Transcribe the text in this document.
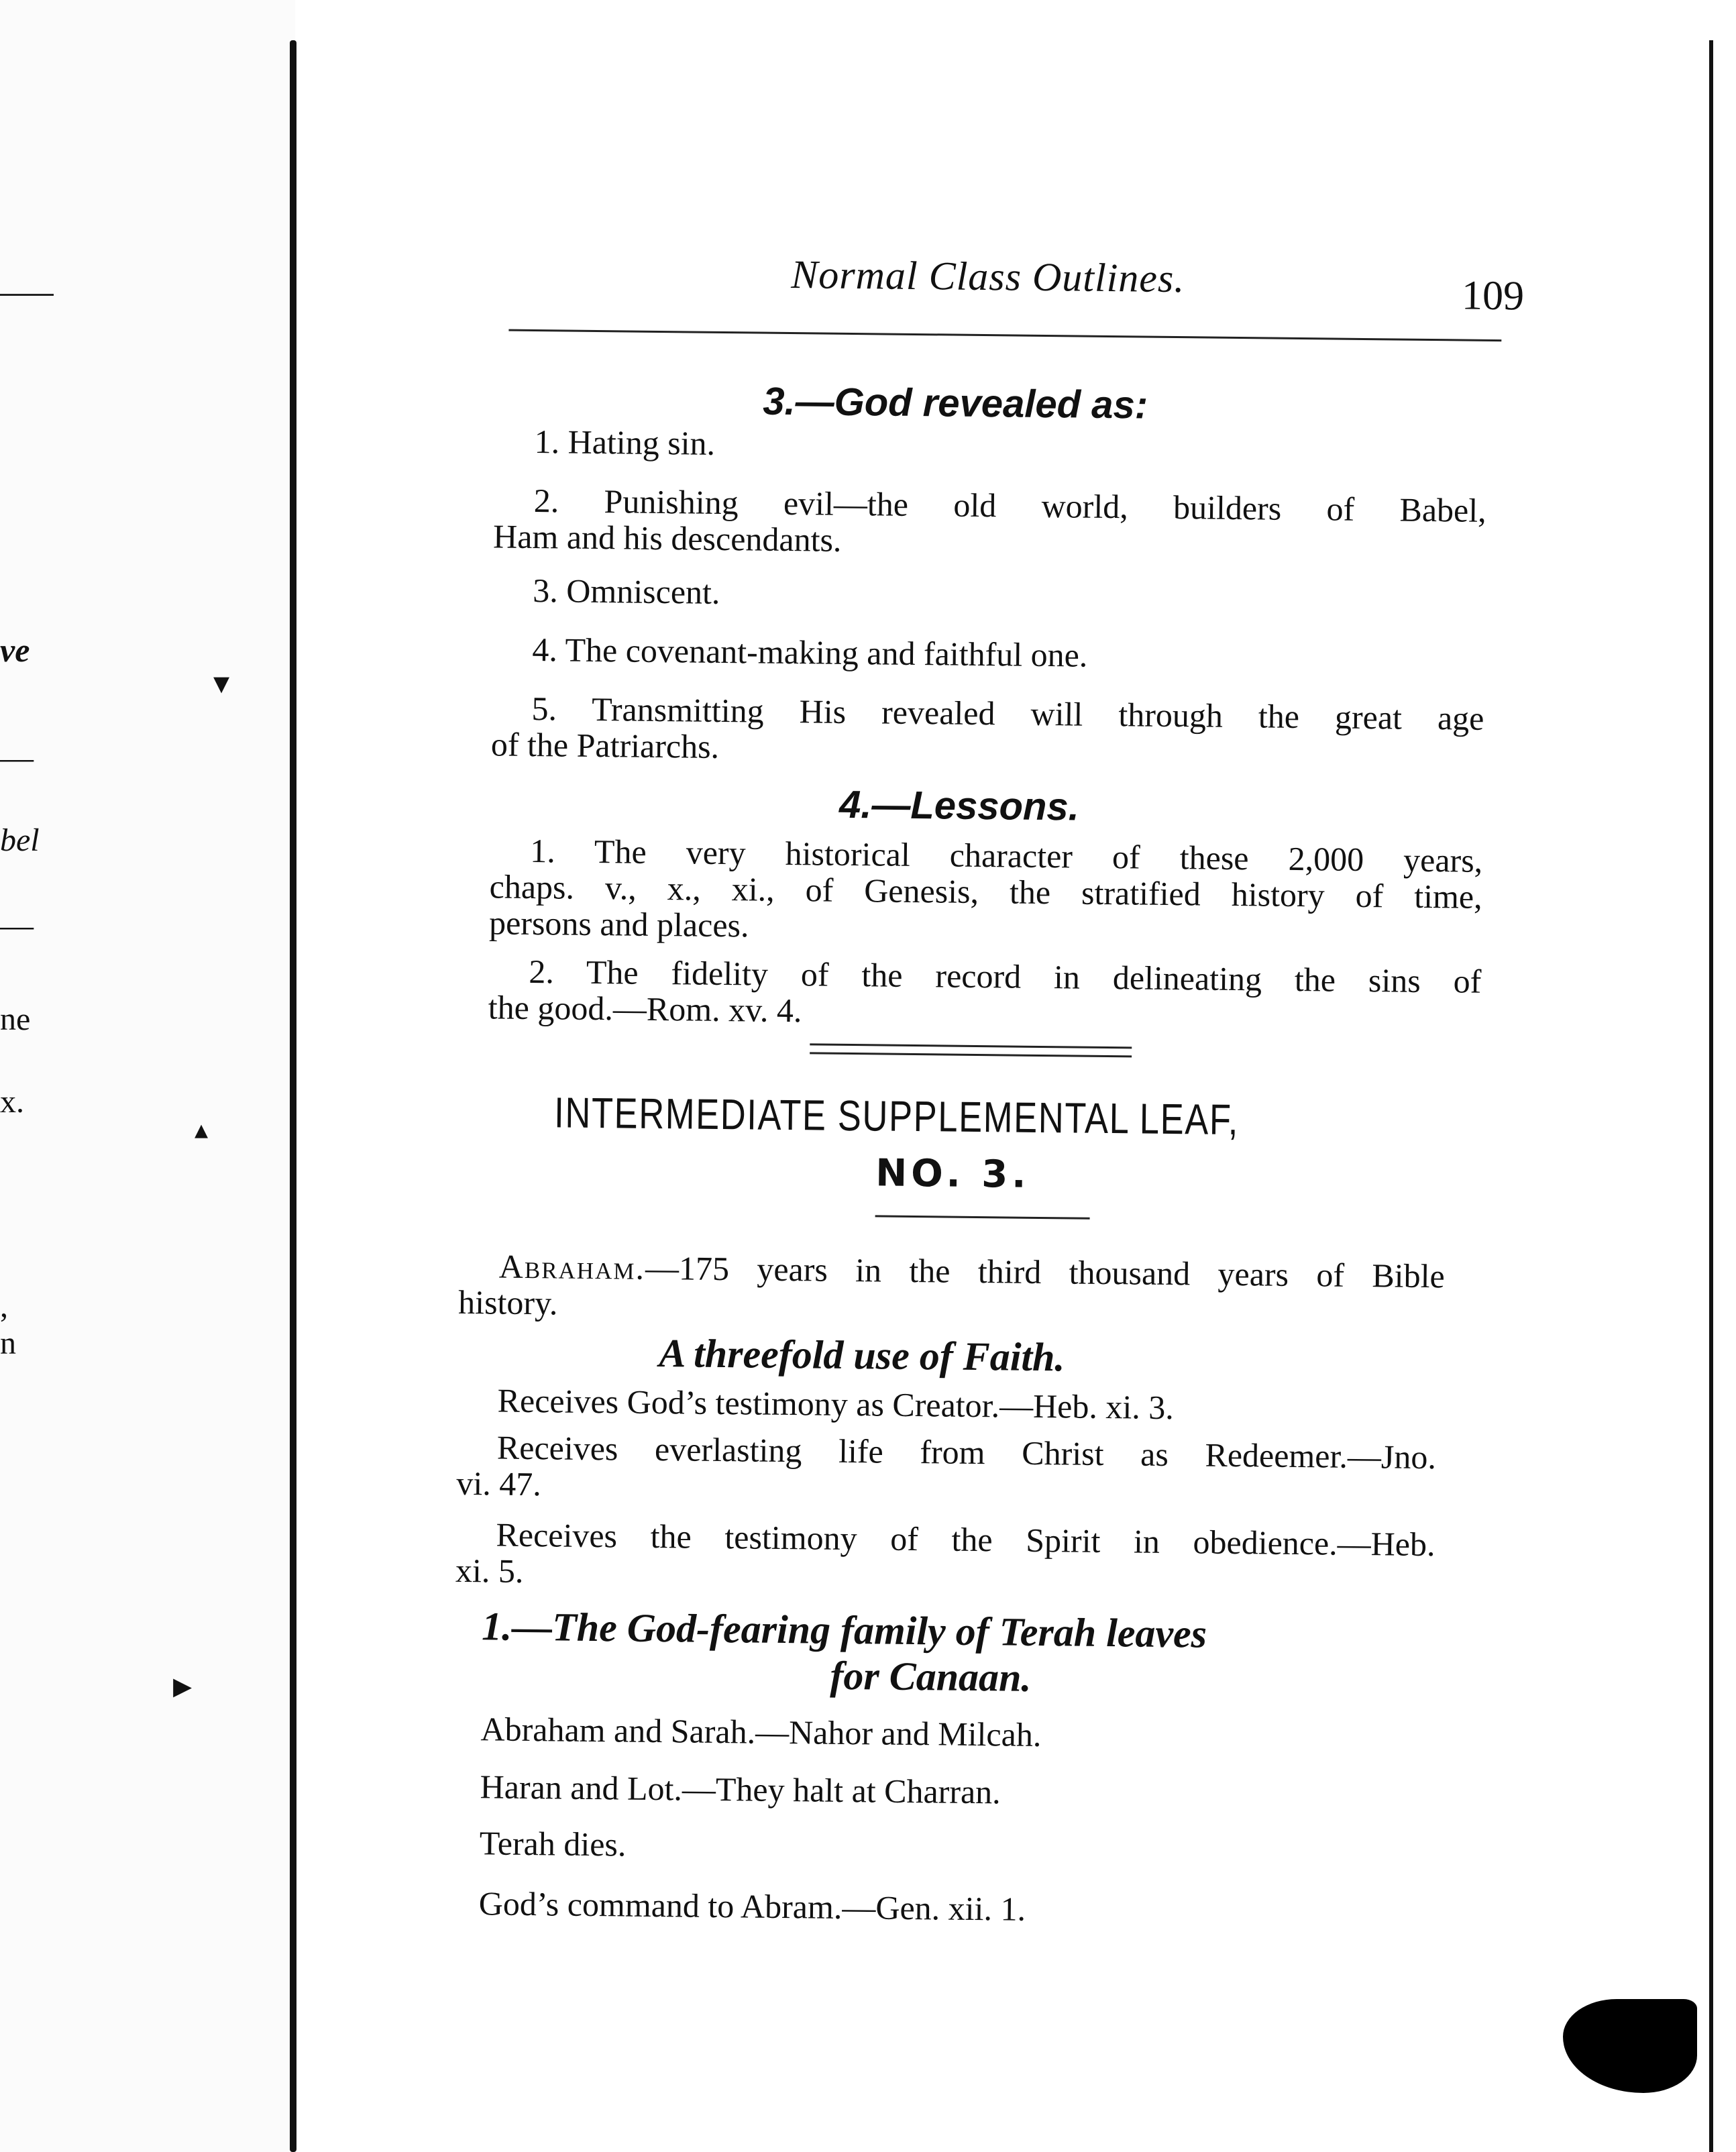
ve
—
bel
—
ne
x.
,
n
▾
▴
▸
Normal Class Outlines.	109
3.—God revealed as:
1. Hating sin.
2. Punishing evil—the old world, builders of Babel,
Ham and his descendants.
3. Omniscent.
4. The covenant-making and faithful one.
5. Transmitting His revealed will through the great age
of the Patriarchs.
4.—Lessons.
1. The very historical character of these 2,000 years,
chaps. v., x., xi., of Genesis, the stratified history of time,
persons and places.
2. The fidelity of the record in delineating the sins of
the good.—Rom. xv. 4.
INTERMEDIATE SUPPLEMENTAL LEAF,
NO. 3.
Abraham.—175 years in the third thousand years of Bible
history.
A threefold use of Faith.
Receives God’s testimony as Creator.—Heb. xi. 3.
Receives everlasting life from Christ as Redeemer.—Jno.
vi. 47.
Receives the testimony of the Spirit in obedience.—Heb.
xi. 5.
1.—The God-fearing family of Terah leaves
for Canaan.
Abraham and Sarah.—Nahor and Milcah.
Haran and Lot.—They halt at Charran.
Terah dies.
God’s command to Abram.—Gen. xii. 1.
